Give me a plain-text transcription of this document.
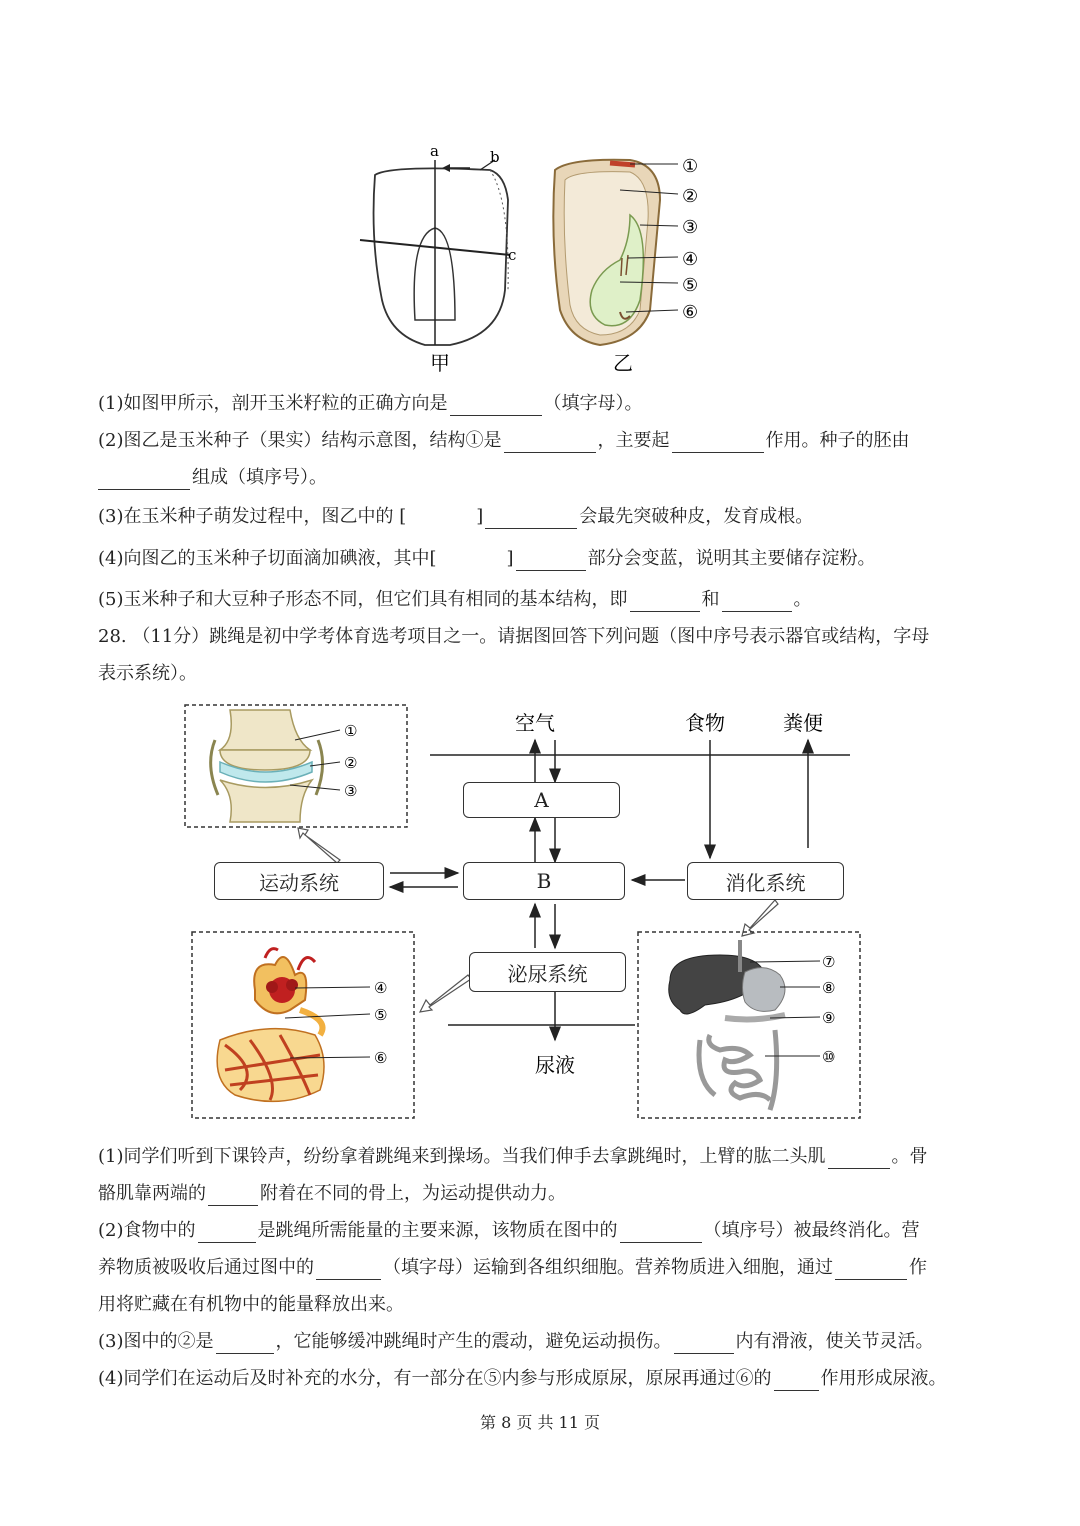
a	b
c
甲
①
②
③
④
⑤
⑥
乙
(1)如图甲所示，剖开玉米籽粒的正确方向是	（填字母）。
(2)图乙是玉米种子（果实）结构示意图，结构①是	，主要起	作用。种子的胚由
组成（填序号）。
(3)在玉米种子萌发过程中，图乙中的 [	]	会最先突破种皮，发育成根。
(4)向图乙的玉米种子切面滴加碘液，其中[	]	部分会变蓝，说明其主要储存淀粉。
(5)玉米种子和大豆种子形态不同，但它们具有相同的基本结构，即	和	。
28. （11分）跳绳是初中学考体育选考项目之一。请据图回答下列问题（图中序号表示器官或结构，字母
表示系统）。
①
②
③
空气	食物	粪便
尿液
④
⑤
⑥
⑦
⑧
⑨
⑩
A
B
运动系统	消化系统
泌尿系统
(1)同学们听到下课铃声，纷纷拿着跳绳来到操场。当我们伸手去拿跳绳时，上臂的肱二头肌	。骨
骼肌靠两端的	附着在不同的骨上，为运动提供动力。
(2)食物中的	是跳绳所需能量的主要来源，该物质在图中的	（填序号）被最终消化。营
养物质被吸收后通过图中的	（填字母）运输到各组织细胞。营养物质进入细胞，通过	作
用将贮藏在有机物中的能量释放出来。
(3)图中的②是	，它能够缓冲跳绳时产生的震动，避免运动损伤。	内有滑液，使关节灵活。
(4)同学们在运动后及时补充的水分，有一部分在⑤内参与形成原尿，原尿再通过⑥的	作用形成尿液。
第 8 页 共 11 页
